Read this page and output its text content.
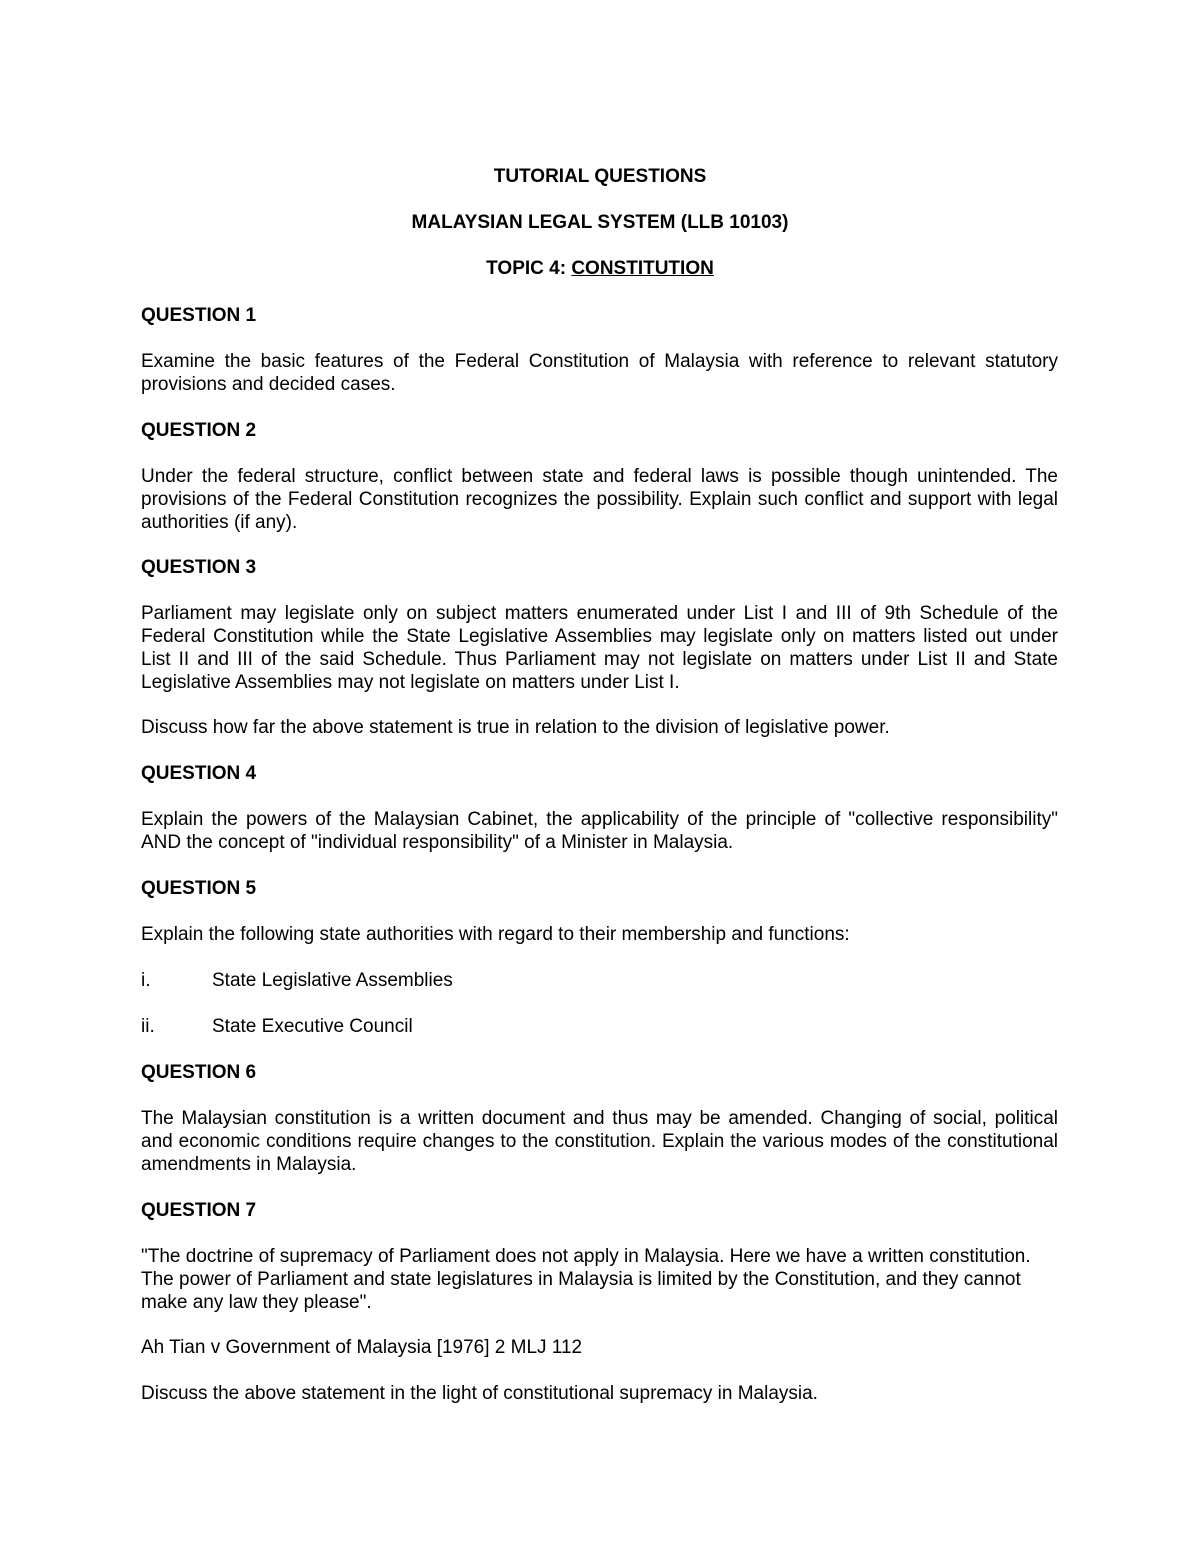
TUTORIAL QUESTIONS
MALAYSIAN LEGAL SYSTEM (LLB 10103)
TOPIC 4: CONSTITUTION
QUESTION 1
Examine the basic features of the Federal Constitution of Malaysia with reference to relevant statutory provisions and decided cases.
QUESTION 2
Under the federal structure, conflict between state and federal laws is possible though unintended. The provisions of the Federal Constitution recognizes the possibility. Explain such conflict and support with legal authorities (if any).
QUESTION 3
Parliament may legislate only on subject matters enumerated under List I and III of 9th Schedule of the Federal Constitution while the State Legislative Assemblies may legislate only on matters listed out under List II and III of the said Schedule. Thus Parliament may not legislate on matters under List II and State Legislative Assemblies may not legislate on matters under List I.
Discuss how far the above statement is true in relation to the division of legislative power.
QUESTION 4
Explain the powers of the Malaysian Cabinet, the applicability of the principle of "collective responsibility" AND the concept of "individual responsibility" of a Minister in Malaysia.
QUESTION 5
Explain the following state authorities with regard to their membership and functions:
i.	State Legislative Assemblies
ii.	State Executive Council
QUESTION 6
The Malaysian constitution is a written document and thus may be amended. Changing of social, political and economic conditions require changes to the constitution. Explain the various modes of the constitutional amendments in Malaysia.
QUESTION 7
"The doctrine of supremacy of Parliament does not apply in Malaysia. Here we have a written constitution. The power of Parliament and state legislatures in Malaysia is limited by the Constitution, and they cannot make any law they please".
Ah Tian v Government of Malaysia [1976] 2 MLJ 112
Discuss the above statement in the light of constitutional supremacy in Malaysia.
